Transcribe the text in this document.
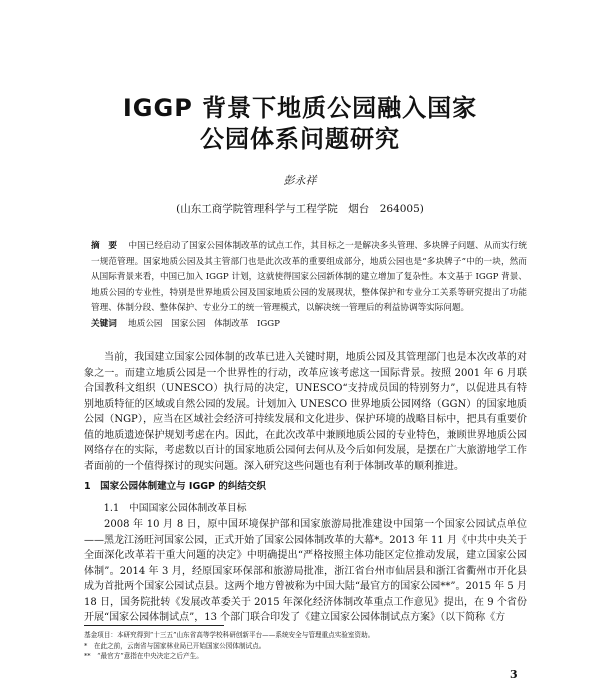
IGGP 背景下地质公园融入国家
公园体系问题研究
彭永祥
(山东工商学院管理科学与工程学院　烟台　264005)

摘　要　 中国已经启动了国家公园体制改革的试点工作，其目标之一是解决多头管理、多块牌子问题、从而实行统一规范管理。国家地质公园及其主管部门也是此次改革的重要组成部分，地质公园也是“多块牌子”中的一块，然而从国际背景来看，中国已加入 IGGP 计划，这就使得国家公园新体制的建立增加了复杂性。本文基于 IGGP 背景、地质公园的专业性，特别是世界地质公园及国家地质公园的发展现状，整体保护和专业分工关系等研究提出了功能管理、体制分段、整体保护、专业分工的统一管理模式，以解决统一管理后的利益协调等实际问题。

关键词　 地质公园　国家公园　体制改革　IGGP

当前，我国建立国家公园体制的改革已进入关键时期，地质公园及其管理部门也是本次改革的对象之一。而建立地质公园是一个世界性的行动，改革应该考虑这一国际背景。按照 2001 年 6 月联合国教科文组织（UNESCO）执行局的决定，UNESCO“支持成员国的特别努力”，以促进具有特别地质特征的区域或自然公园的发展。计划加入 UNESCO 世界地质公园网络（GGN）的国家地质公园（NGP），应当在区域社会经济可持续发展和文化进步、保护环境的战略目标中，把具有重要价值的地质遗迹保护规划考虑在内。因此，在此次改革中兼顾地质公园的专业特色，兼顾世界地质公园网络存在的实际，考虑数以百计的国家地质公园何去何从及今后如何发展，是摆在广大旅游地学工作者面前的一个值得探讨的现实问题。深入研究这些问题也有利于体制改革的顺利推进。

1　国家公园体制建立与 IGGP 的纠结交织
1.1　中国国家公园体制改革目标

2008 年 10 月 8 日，原中国环境保护部和国家旅游局批准建设中国第一个国家公园试点单位——黑龙江汤旺河国家公园，正式开始了国家公园体制改革的大幕*。2013 年 11 月《中共中央关于全面深化改革若干重大问题的决定》中明确提出“严格按照主体功能区定位推动发展，建立国家公园体制”。2014 年 3 月，经原国家环保部和旅游局批准，浙江省台州市仙居县和浙江省衢州市开化县成为首批两个国家公园试点县。这两个地方曾被称为中国大陆“最官方的国家公园**”。2015 年 5 月 18 日，国务院批转《发展改革委关于 2015 年深化经济体制改革重点工作意见》提出，在 9 个省份开展“国家公园体制试点”，13 个部门联合印发了《建立国家公园体制试点方案》（以下简称《方

基金项目：本研究得到“十三五”山东省高等学校科研创新平台——系统安全与管理重点实验室资助。
*　在此之前，云南省与国家林业局已开始国家公园体制试点。
**　“最官方”意指在中央决定之后产生。
3
